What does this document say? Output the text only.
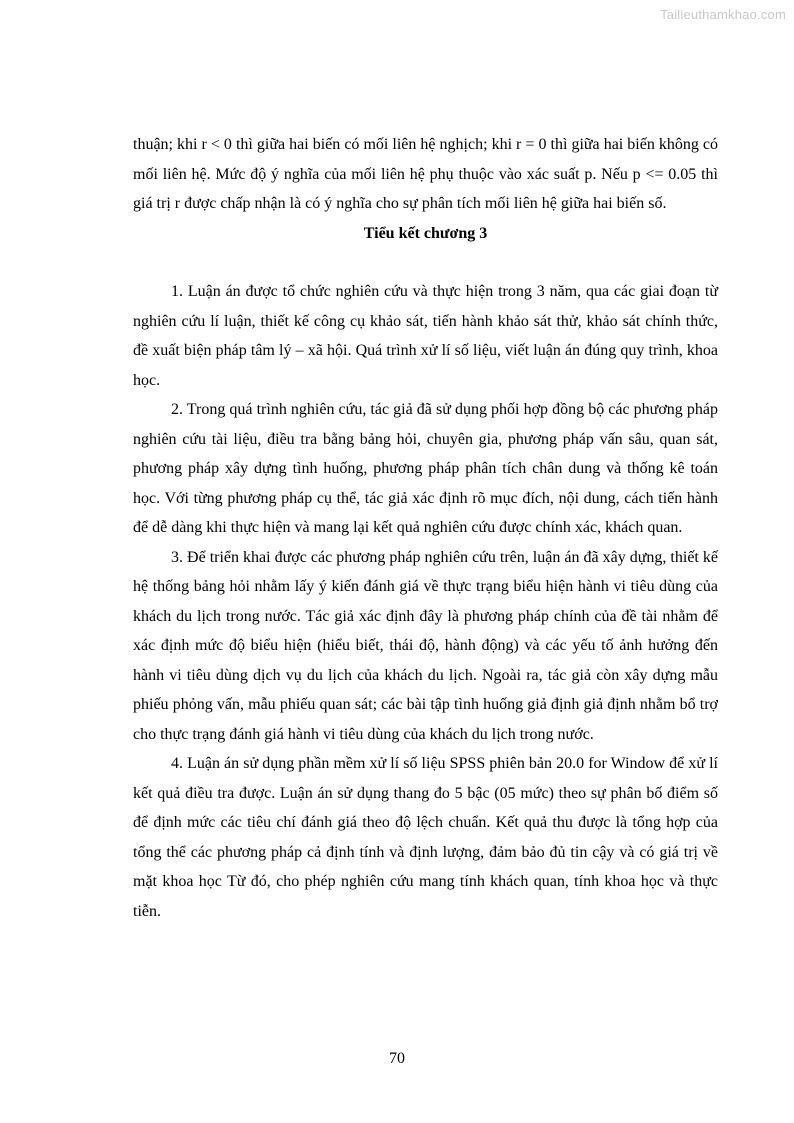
Tailieuthamkhao.com

thuận; khi r < 0 thì giữa hai biến có mối liên hệ nghịch; khi r = 0 thì giữa hai biến không có mối liên hệ. Mức độ ý nghĩa của mối liên hệ phụ thuộc vào xác suất p. Nếu p <= 0.05 thì giá trị r được chấp nhận là có ý nghĩa cho sự phân tích mối liên hệ giữa hai biến số.

Tiểu kết chương 3

1. Luận án được tổ chức nghiên cứu và thực hiện trong 3 năm, qua các giai đoạn từ nghiên cứu lí luận, thiết kế công cụ khảo sát, tiến hành khảo sát thử, khảo sát chính thức, đề xuất biện pháp tâm lý – xã hội. Quá trình xử lí số liệu, viết luận án đúng quy trình, khoa học.

2. Trong quá trình nghiên cứu, tác giả đã sử dụng phối hợp đồng bộ các phương pháp nghiên cứu tài liệu, điều tra bằng bảng hỏi, chuyên gia, phương pháp vấn sâu, quan sát, phương pháp xây dựng tình huống, phương pháp phân tích chân dung và thống kê toán học. Với từng phương pháp cụ thể, tác giả xác định rõ mục đích, nội dung, cách tiến hành để dễ dàng khi thực hiện và mang lại kết quả nghiên cứu được chính xác, khách quan.

3. Để triển khai được các phương pháp nghiên cứu trên, luận án đã xây dựng, thiết kế hệ thống bảng hỏi nhằm lấy ý kiến đánh giá về thực trạng biểu hiện hành vi tiêu dùng của khách du lịch trong nước. Tác giả xác định đây là phương pháp chính của đề tài nhằm để xác định mức độ biểu hiện (hiểu biết, thái độ, hành động) và các yếu tố ảnh hưởng đến hành vi tiêu dùng dịch vụ du lịch của khách du lịch. Ngoài ra, tác giả còn xây dựng mẫu phiếu phỏng vấn, mẫu phiếu quan sát; các bài tập tình huống giả định giả định nhằm bổ trợ cho thực trạng đánh giá hành vi tiêu dùng của khách du lịch trong nước.

4. Luận án sử dụng phần mềm xử lí số liệu SPSS phiên bản 20.0 for Window để xử lí kết quả điều tra được. Luận án sử dụng thang đo 5 bậc (05 mức) theo sự phân bố điểm số để định mức các tiêu chí đánh giá theo độ lệch chuẩn. Kết quả thu được là tổng hợp của tổng thể các phương pháp cả định tính và định lượng, đảm bảo đủ tin cậy và có giá trị về mặt khoa học Từ đó, cho phép nghiên cứu mang tính khách quan, tính khoa học và thực tiễn.

70
